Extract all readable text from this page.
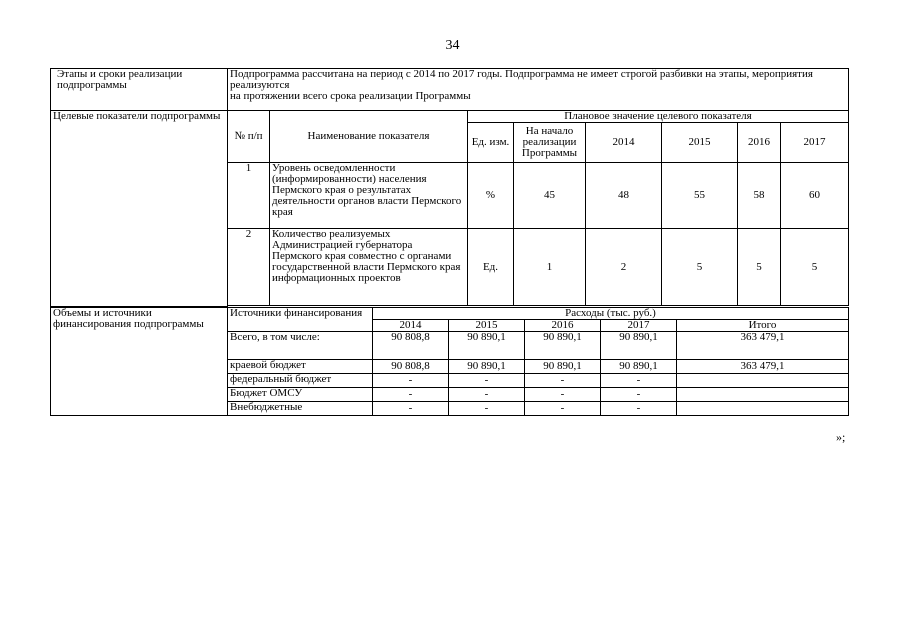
34
Этапы и сроки реализации подпрограммы	Подпрограмма рассчитана на период с 2014 по 2017 годы. Подпрограмма не имеет строгой разбивки на этапы, мероприятия реализуются
на протяжении всего срока реализации Программы							

Целевые показатели подпрограммы	№ п/п	Наименование показателя	Плановое значение целевого показателя					
			Ед. изм.	На начало реализации Программы	2014	2015	2016	2017
	1	Уровень осведомленности (информированности) населения Пермского края о результатах деятельности органов власти Пермского края	%	45	48	55	58	60
	2	Количество реализуемых Администрацией губернатора Пермского края совместно с органами государственной власти Пермского края информационных проектов	Ед.	1	2	5	5	5

Объемы и источники финансирования подпрограммы	Источники финансирования	Расходы (тыс. руб.)				
		2014	2015	2016	2017	Итого
	Всего, в том числе:	90 808,8	90 890,1	90 890,1	90 890,1	363 479,1
	краевой бюджет	90 808,8	90 890,1	90 890,1	90 890,1	363 479,1
	федеральный бюджет	-	-	-	-	
	Бюджет ОМСУ	-	-	-	-	
	Внебюджетные	-	-	-	-	
»;
